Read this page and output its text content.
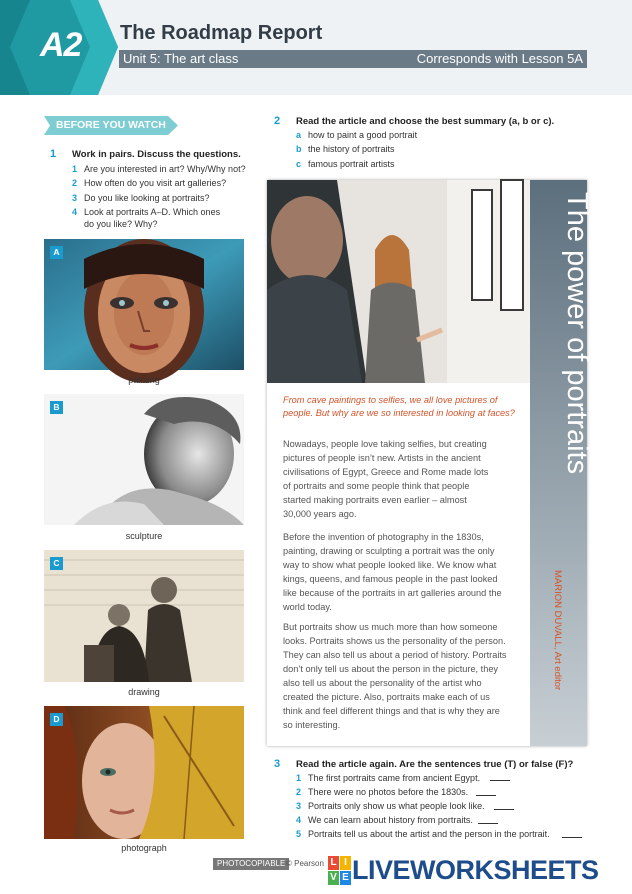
A2 The Roadmap Report
Unit 5: The art class	Corresponds with Lesson 5A
BEFORE YOU WATCH
1 Work in pairs. Discuss the questions.
1 Are you interested in art? Why/Why not?
2 How often do you visit art galleries?
3 Do you like looking at portraits?
4 Look at portraits A–D. Which ones
do you like? Why?
A
painting
B
sculpture
C
drawing
D
photograph
2 Read the article and choose the best summary (a, b or c).
a how to paint a good portrait
b the history of portraits
c famous portrait artists
The power of portraits
MARION DUVALL, Art editor
From cave paintings to selfies, we all love pictures of
people. But why are we so interested in looking at faces?
Nowadays, people love taking selfies, but creating
pictures of people isn’t new. Artists in the ancient
civilisations of Egypt, Greece and Rome made lots
of portraits and some people think that people
started making portraits even earlier – almost
30,000 years ago.
Before the invention of photography in the 1830s,
painting, drawing or sculpting a portrait was the only
way to show what people looked like. We know what
kings, queens, and famous people in the past looked
like because of the portraits in art galleries around the
world today.
But portraits show us much more than how someone
looks. Portraits shows us the personality of the person.
They can also tell us about a period of history. Portraits
don’t only tell us about the person in the picture, they
also tell us about the personality of the artist who
created the picture. Also, portraits make each of us
think and feel different things and that is why they are
so interesting.
3 Read the article again. Are the sentences true (T) or false (F)?
1 The first portraits came from ancient Egypt.
2 There were no photos before the 1830s.
3 Portraits only show us what people look like.
4 We can learn about history from portraits.
5 Portraits tell us about the artist and the person in the portrait.
PHOTOCOPIABLE © Pearson L I
V E LIVEWORKSHEETS
